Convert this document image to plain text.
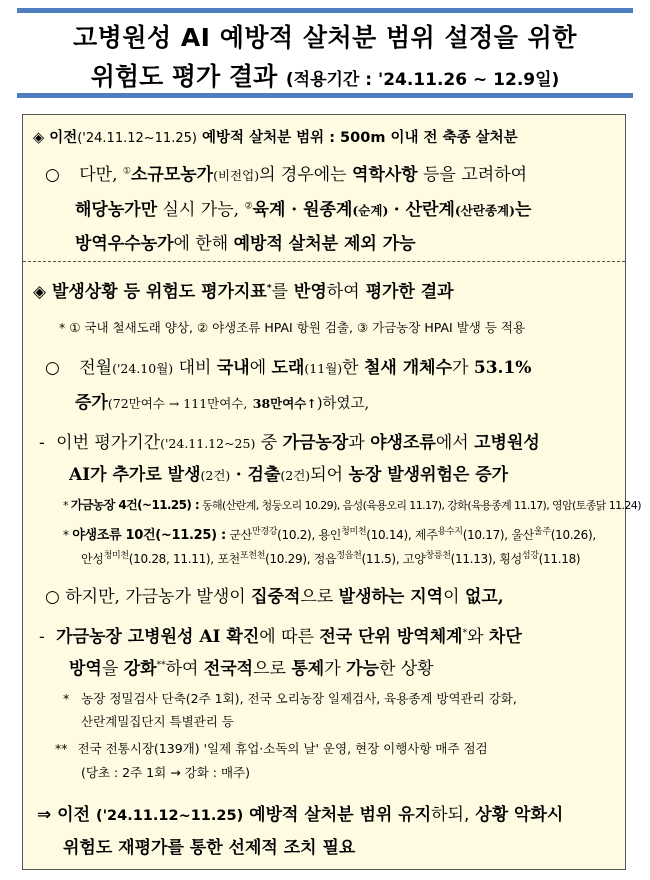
고병원성 AI 예방적 살처분 범위 설정을 위한
위험도 평가 결과 (적용기간 : '24.11.26 ~ 12.9일)
◈ 이전('24.11.12~11.25) 예방적 살처분 범위 : 500m 이내 전 축종 살처분
○ 다만, ①소규모농가(비전업)의 경우에는 역학사항 등을 고려하여
해당농가만 실시 가능, ②육계 · 원종계(순계) · 산란계(산란종계)는
방역우수농가에 한해 예방적 살처분 제외 가능
◈ 발생상황 등 위험도 평가지표*를 반영하여 평가한 결과
* ① 국내 철새도래 양상, ② 야생조류 HPAI 항원 검출, ③ 가금농장 HPAI 발생 등 적용
○ 전월('24.10월) 대비 국내에 도래(11월)한 철새 개체수가 53.1%
증가(72만여수 → 111만여수, 38만여수↑)하였고,
- 이번 평가기간('24.11.12~25) 중 가금농장과 야생조류에서 고병원성
AI가 추가로 발생(2건) · 검출(2건)되어 농장 발생위험은 증가
* 가금농장 4건(~11.25) : 동해(산란계, 청둥오리 10.29), 음성(육용오리 11.17), 강화(육용종계 11.17), 영암(토종닭 11.24)
* 야생조류 10건(~11.25) : 군산$^{만경강}$(10.2), 용인$^{청미천}$(10.14), 제주$^{용수지}$(10.17), 울산$^{울주}$(10.26),
안성$^{청미천}$(10.28, 11.11), 포천$^{포천천}$(10.29), 정읍$^{정읍천}$(11.5), 고양$^{창릉천}$(11.13), 횡성$^{섬강}$(11.18)
○ 하지만, 가금농가 발생이 집중적으로 발생하는 지역이 없고,
- 가금농장 고병원성 AI 확진에 따른 전국 단위 방역체계*와 차단
방역을 강화**하여 전국적으로 통제가 가능한 상황
* 농장 정밀검사 단축(2주 1회), 전국 오리농장 일제검사, 육용종계 방역관리 강화,
산란계밀집단지 특별관리 등
** 전국 전통시장(139개) '일제 휴업·소독의 날' 운영, 현장 이행사항 매주 점검
(당초 : 2주 1회 → 강화 : 매주)
⇒ 이전 ('24.11.12~11.25) 예방적 살처분 범위 유지하되, 상황 악화시
위험도 재평가를 통한 선제적 조치 필요
